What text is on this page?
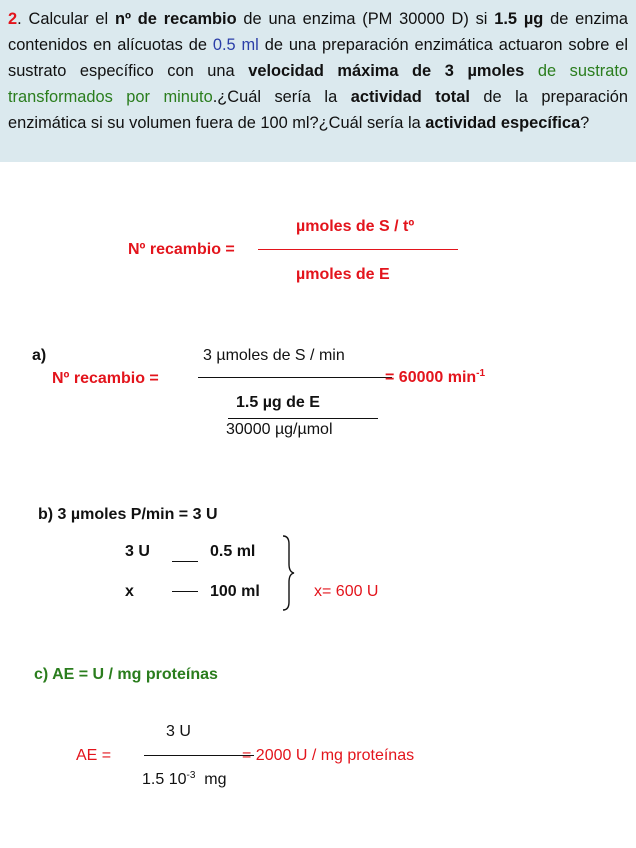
2. Calcular el nº de recambio de una enzima (PM 30000 D) si 1.5 µg de enzima contenidos en alícuotas de 0.5 ml de una preparación enzimática actuaron sobre el sustrato específico con una velocidad máxima de 3 µmoles de sustrato transformados por minuto.¿Cuál sería la actividad total de la preparación enzimática si su volumen fuera de 100 ml?¿Cuál sería la actividad específica?

Nº recambio =
µmoles de S / tº
µmoles de E
a)
Nº recambio =
3 µmoles de S / min
= 60000 $\min^{-1}$
1.5 µg de E
30000 µg/µmol
b) 3 µmoles P/min = 3 U
3 U	0.5 ml
x	100 ml	x= 600 U
c) AE = U / mg proteínas
AE =
3 U
= 2000 U / mg proteínas
1.5 $10^{-3}$  mg
